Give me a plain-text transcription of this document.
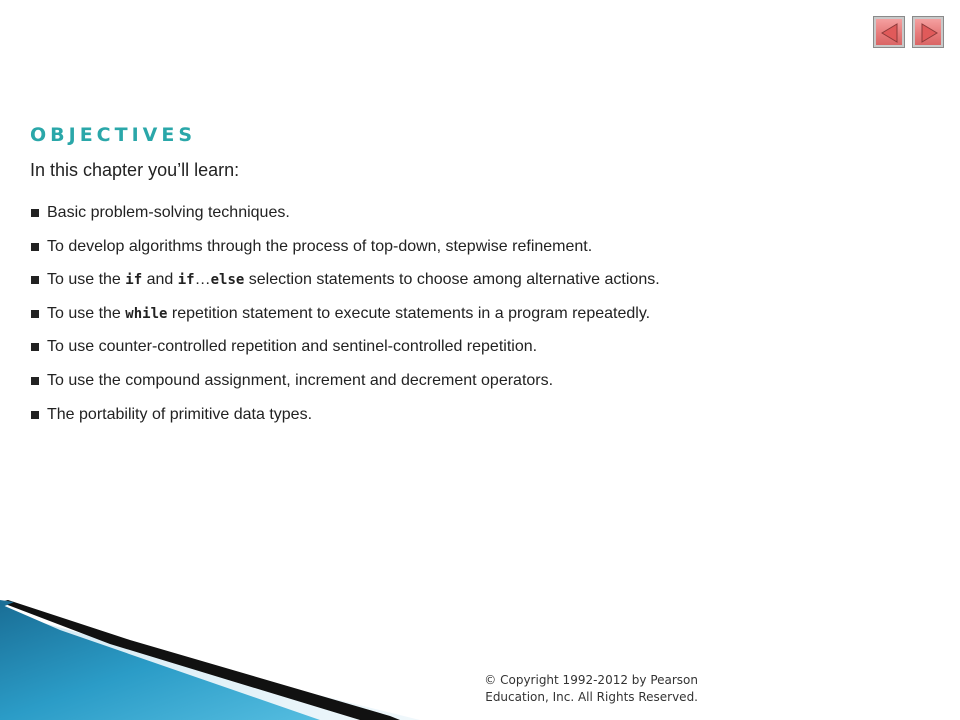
OBJECTIVES

In this chapter you’ll learn:

Basic problem-solving techniques.
To develop algorithms through the process of top-down, stepwise refinement.
To use the if and if…else selection statements to choose among alternative actions.
To use the while repetition statement to execute statements in a program repeatedly.
To use counter-controlled repetition and sentinel-controlled repetition.
To use the compound assignment, increment and decrement operators.
The portability of primitive data types.
© Copyright 1992-2012 by Pearson
Education, Inc. All Rights Reserved.
